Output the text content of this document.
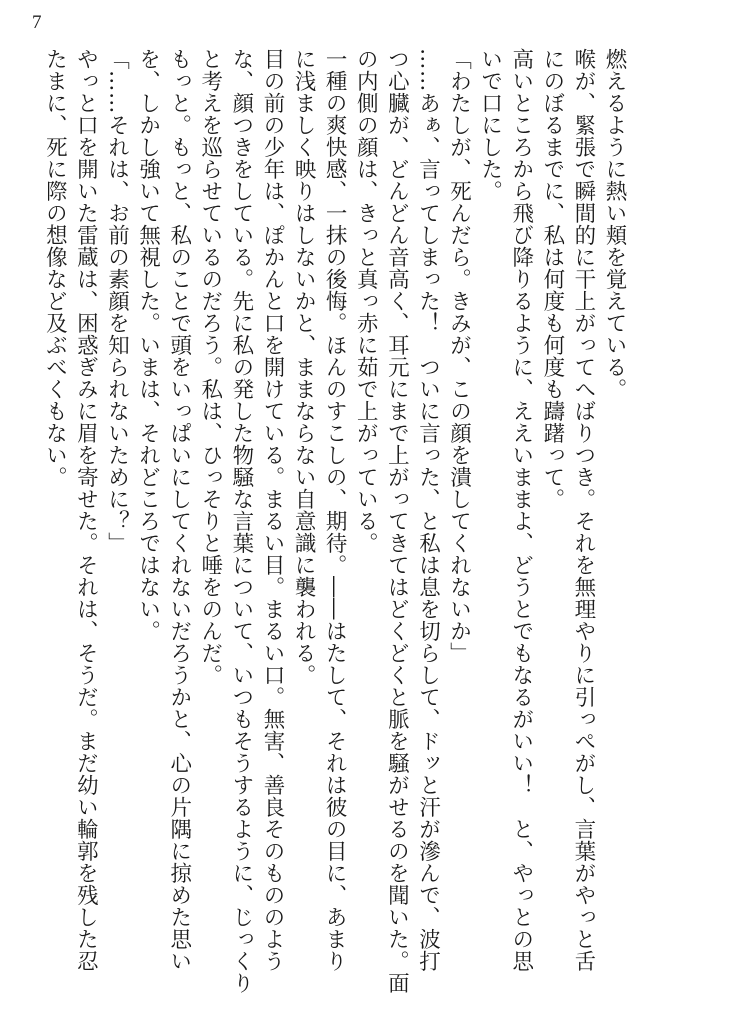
7
燃えるように熱い頬を覚えている。
喉が、緊張で瞬間的に干上がってへばりつき。それを無理やりに引っぺがし、言葉がやっと舌
にのぼるまでに、私は何度も何度も躊躇って。
高いところから飛び降りるように、ええいままよ、どうとでもなるがいい！　と、やっとの思
いで口にした。
「わたしが、死んだら。きみが、この顔を潰してくれないか」
……あぁ、言ってしまった！　ついに言った、と私は息を切らして、ドッと汗が滲んで、波打
つ心臓が、どんどん音高く、耳元にまで上がってきてはどくどくと脈を騒がせるのを聞いた。面
の内側の顔は、きっと真っ赤に茹で上がっている。
一種の爽快感、一抹の後悔。ほんのすこしの、期待。――はたして、それは彼の目に、あまり
に浅ましく映りはしないかと、ままならない自意識に襲われる。
目の前の少年は、ぽかんと口を開けている。まるい目。まるい口。無害、善良そのもののよう
な、顔つきをしている。先に私の発した物騒な言葉について、いつもそうするように、じっくり
と考えを巡らせているのだろう。私は、ひっそりと唾をのんだ。
もっと。もっと、私のことで頭をいっぱいにしてくれないだろうかと、心の片隅に掠めた思い
を、しかし強いて無視した。いまは、それどころではない。
「……それは、お前の素顔を知られないために？」
やっと口を開いた雷蔵は、困惑ぎみに眉を寄せた。それは、そうだ。まだ幼い輪郭を残した忍
たまに、死に際の想像など及ぶべくもない。
